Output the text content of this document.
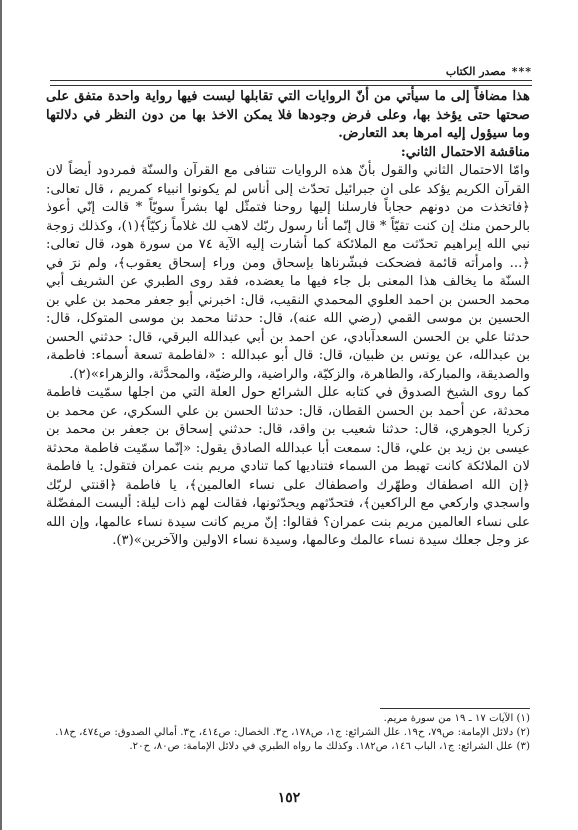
***
مصدر الكتاب

هذا مضافاً إلى ما سيأتي من أنّ الروايات التي تقابلها ليست فيها رواية واحدة متفق على صحتها حتى يؤخذ بها، وعلى فرض وجودها فلا يمكن الاخذ بها من دون النظر في دلالتها وما سيؤول إليه امرها بعد التعارض.

مناقشة الاحتمال الثاني:

وامّا الاحتمال الثاني والقول بأنّ هذه الروايات تتنافى مع القرآن والسنّة فمردود أيضاً لان القرآن الكريم يؤكد على ان جبرائيل تحدّث إلى أناس لم يكونوا انبياء كمريم ، قال تعالى: ﴿فاتخذت من دونهم حجاباً فارسلنا إليها روحنا فتمثّل لها بشراً سويّاً * قالت إنّي أعوذ بالرحمن منك إن كنت تقيّاً * قال إنّما أنا رسول ربّك لاهب لك غلاماً زكيّاً﴾(١)، وكذلك زوجة نبي الله إبراهيم تحدّثت مع الملائكة كما أشارت إليه الآية ٧٤ من سورة هود، قال تعالى: ﴿... وامرأته قائمة فضحكت فبشّرناها بإسحاق ومن وراء إسحاق يعقوب﴾، ولم نرَ في السنّة ما يخالف هذا المعنى بل جاء فيها ما يعضده، فقد روى الطبري عن الشريف أبي محمد الحسن بن احمد العلوي المحمدي النقيب، قال: اخبرني أبو جعفر محمد بن علي بن الحسين بن موسى القمي (رضي الله عنه)، قال: حدثنا محمد بن موسى المتوكل، قال: حدثنا علي بن الحسن السعدآبادي، عن احمد بن أبي عبدالله البرقي، قال: حدثني الحسن بن عبدالله، عن يونس بن ظبيان، قال: قال أبو عبدالله : «لفاطمة تسعة أسماء: فاطمة، والصديقة، والمباركة، والطاهرة، والزكيّة، والراضية، والرضيّة، والمحدَّثة، والزهراء»(٢).

كما روى الشيخ الصدوق في كتابه علل الشرائع حول العلة التي من اجلها سمّيت فاطمة محدثة، عن أحمد بن الحسن القطان، قال: حدثنا الحسن بن علي السكري، عن محمد بن زكريا الجوهري، قال: حدثنا شعيب بن واقد، قال: حدثني إسحاق بن جعفر بن محمد بن عيسى بن زيد بن علي، قال: سمعت أبا عبدالله الصادق يقول: «إنّما سمّيت فاطمة محدثة لان الملائكة كانت تهبط من السماء فتناديها كما تنادي مريم بنت عمران فتقول: يا فاطمة ﴿إن الله اصطفاك وطهّرك واصطفاك على نساء العالمين﴾، يا فاطمة ﴿اقنتي لربّك واسجدي واركعي مع الراكعين﴾، فتحدّثهم ويحدّثونها، فقالت لهم ذات ليلة: أليست المفضّلة على نساء العالمين مريم بنت عمران؟ فقالوا: إنّ مريم كانت سيدة نساء عالمها، وإن الله عز وجل جعلك سيدة نساء عالمك وعالمها، وسيدة نساء الاولين والآخرين»(٣).

(١) الآيات ١٧ ـ ١٩ من سورة مريم.

(٢) دلائل الإمامة: ص٧٩، ح١٩. علل الشرائع: ج١، ص١٧٨، ح٣. الخصال: ص٤١٤، ح٣. أمالي الصدوق: ص٤٧٤، ح١٨.

(٣) علل الشرائع: ج١، الباب ١٤٦، ص١٨٢. وكذلك ما رواه الطبري في دلائل الإمامة: ص٨٠، ح٢٠.

١٥٢
